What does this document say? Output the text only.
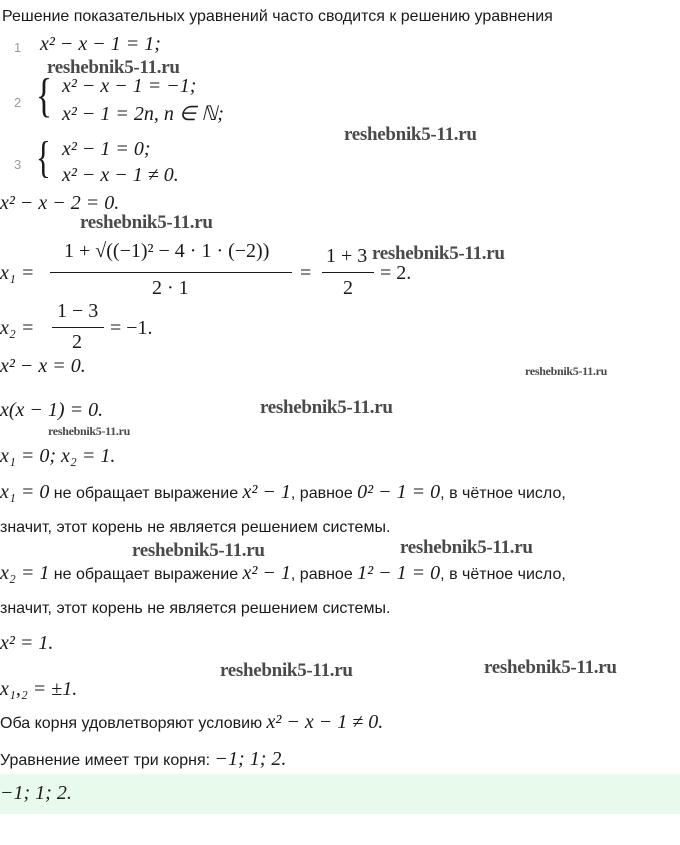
Решение показательных уравнений часто сводится к решению уравнения
1 x² − x − 1 = 1;
2 { x² − x − 1 = −1;
x² − 1 = 2n, n ∈ ℕ;
3 { x² − 1 = 0;
x² − x − 1 ≠ 0.
x² − x − 2 = 0.
x₁ =
1 + √((−1)² − 4 · 1 · (−2))
2 · 1
=
1 + 3
2
= 2.
x₂ =
1 − 3
2
= −1.
x² − x = 0.
x(x − 1) = 0.
x₁ = 0; x₂ = 1.
x₁ = 0 не обращает выражение x² − 1, равное 0² − 1 = 0, в чётное число,
значит, этот корень не является решением системы.
x₂ = 1 не обращает выражение x² − 1, равное 1² − 1 = 0, в чётное число,
значит, этот корень не является решением системы.
x² = 1.
x₁,₂ = ±1.
Оба корня удовлетворяют условию x² − x − 1 ≠ 0.
Уравнение имеет три корня: −1; 1; 2.
−1; 1; 2.
reshebnik5-11.ru
reshebnik5-11.ru
reshebnik5-11.ru
reshebnik5-11.ru
reshebnik5-11.ru
reshebnik5-11.ru
reshebnik5-11.ru
reshebnik5-11.ru	reshebnik5-11.ru
reshebnik5-11.ru	reshebnik5-11.ru
